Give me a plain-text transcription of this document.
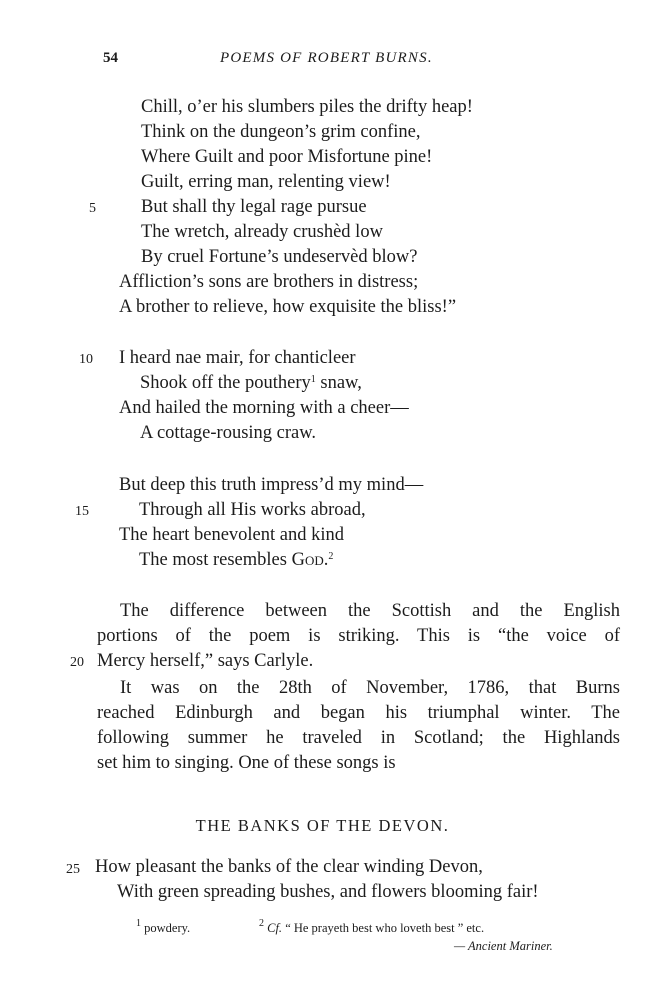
54	POEMS OF ROBERT BURNS.
Chill, o’er his slumbers piles the drifty heap!
Think on the dungeon’s grim confine,
Where Guilt and poor Misfortune pine!
Guilt, erring man, relenting view!
5 But shall thy legal rage pursue
The wretch, already crushèd low
By cruel Fortune’s undeservèd blow?
Affliction’s sons are brothers in distress;
A brother to relieve, how exquisite the bliss!”
10 I heard nae mair, for chanticleer
Shook off the pouthery$^1$ snaw,
And hailed the morning with a cheer—
A cottage-rousing craw.
But deep this truth impress’d my mind—
15	Through all His works abroad,
The heart benevolent and kind
The most resembles God.$^2$
The difference between the Scottish and the English
portions of the poem is striking. This is “the voice of
20 Mercy herself,” says Carlyle.
It was on the 28th of November, 1786, that Burns
reached Edinburgh and began his triumphal winter. The
following summer he traveled in Scotland; the Highlands
set him to singing. One of these songs is
THE BANKS OF THE DEVON.
25 How pleasant the banks of the clear winding Devon,
With green spreading bushes, and flowers blooming fair!
$^1$ powdery.	$^2$ Cf. “ He prayeth best who loveth best ” etc.
— Ancient Mariner.
